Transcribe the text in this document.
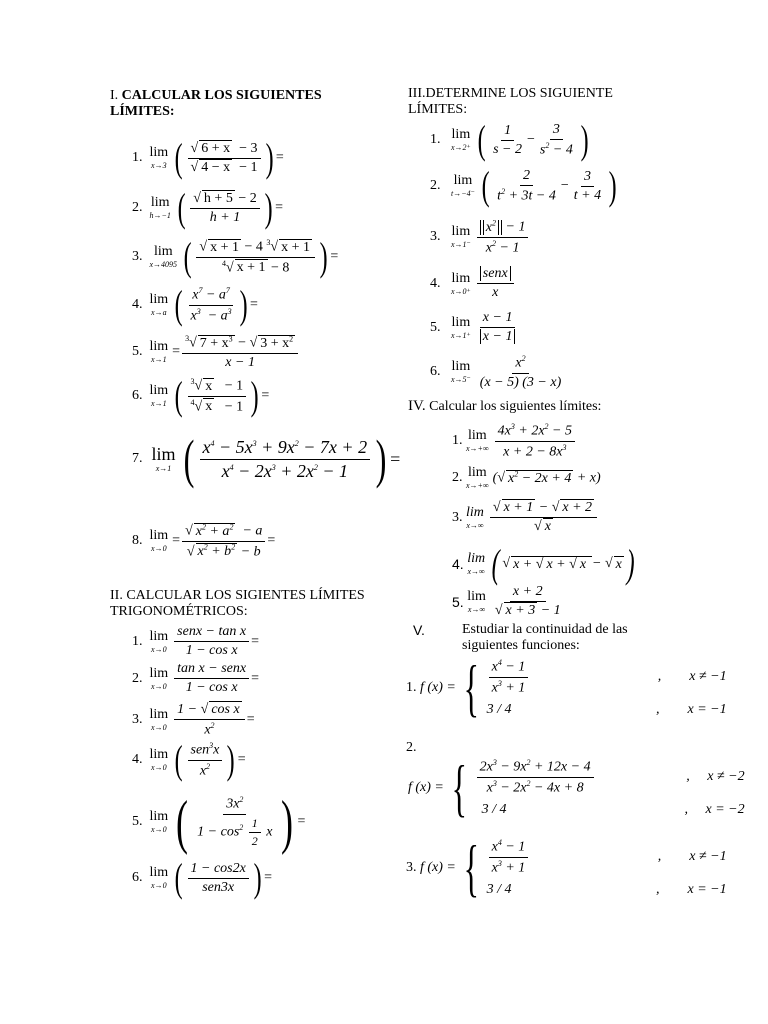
I. CALCULAR LOS SIGUIENTES LÍMITES:
1.
lim
x→3 ( $\frac{√ 6 + x - 3}{√ 4 - x - 1}$ ) =
2.
lim
h→−1 ( $\frac{√ h + 5 - 2}{h + 1}$ ) =
3.
lim
x→4095 ( $\frac{√ x + 1 - 4 ^3√ x + 1}{^4√ x + 1 - 8}$ ) =
4.
lim
x→a ( $\frac{x^7 - a^7}{x^3 - a^3}$ ) =
5.
lim
x→1
= $\frac{^3√ 7 + x^3 - √ 3 + x^2}{x - 1}$
6.
lim
x→1 ( $\frac{^3√ x - 1}{^4√ x - 1}$ ) =
7.
lim
x→1 ( $\frac{x^4 - 5x^3 + 9x^2 - 7x + 2}{x^4 - 2x^3 + 2x^2 - 1}$ ) =
8.
lim
x→0
= $\frac{√ x^2 + a^2 - a}{√ x^2 + b^2 - b}$ =
II. CALCULAR LOS SIGIENTES LÍMITES TRIGONOMÉTRICOS:
1.
lim
$x\to 0 \frac{\text{senx − tan x}}{\text{1 − cos x}}$ =
2.
lim
$x\to 0 \frac{\text{tan x − senx}}{\text{1 − cos x}}$ =
3.
lim
$x\to 0 \frac{\text{1 − √ cos x}}{x^2}$ =
4.
lim
x→0 ( $\frac{sen^3x}{x^2}$ ) =
5.
lim
x→0 ( $\frac{3x^2}{1 - \cos^2 \frac{1}{2} x}$ ) =
6.
lim
x→0 ( $\frac{1 - \cos 2x}{\text{sen3x}}$ ) =
III.DETERMINE LOS SIGUIENTE LÍMITES:
1.
lim
x→2⁺ ( $\frac{1}{s - 2} - \frac{3}{s^2 - 4}$ )
2.
lim
t→−4⁻ ( $\frac{2}{t^2 + 3t - 4} - \frac{3}{t + 4}$ )
3.
lim
$x\to 1^- \frac{x^2 - 1}{x^2 - 1}$
4.
lim
$x\to 0^+ \frac{\text{senx}}{x}$
5.
lim
$x\to 1^+ \frac{x - 1}{x - 1}$
6.
lim
$x\to 5^- \frac{x^2}{(x - 5) (3 - x)}$
IV. Calcular los siguientes límites:
1.
lim
$x\to+\infty \frac{4x^3 + 2x^2 - 5}{x + 2 - 8x^3}$
2.
lim
x→+∞ (√ $x^2 - 2x + 4 + x$)
3.
lim
$x\to\infty \frac{√ x + 1 - √ x + 2}{√ x}$
4.
lim
x→∞ ( √ x + √ x + √ x − √ x )
5.
lim
$x\to\infty \frac{x + 2}{√ x + 3 - 1}$
V.	Estudiar la continuidad de las siguientes funciones:
1.
f (x) = { $\frac{x^4 - 1}{x^3 + 1}$	,        x ≠ −1
3 / 4	,        x = −1
2.
f (x) = { $\frac{2x^3 - 9x^2 + 12x - 4}{x^3 - 2x^2 - 4x + 8}$	,     x ≠ −2
3 / 4	,     x = −2
3.
f (x) = { $\frac{x^4 - 1}{x^3 + 1}$	,        x ≠ −1
3 / 4	,        x = −1
